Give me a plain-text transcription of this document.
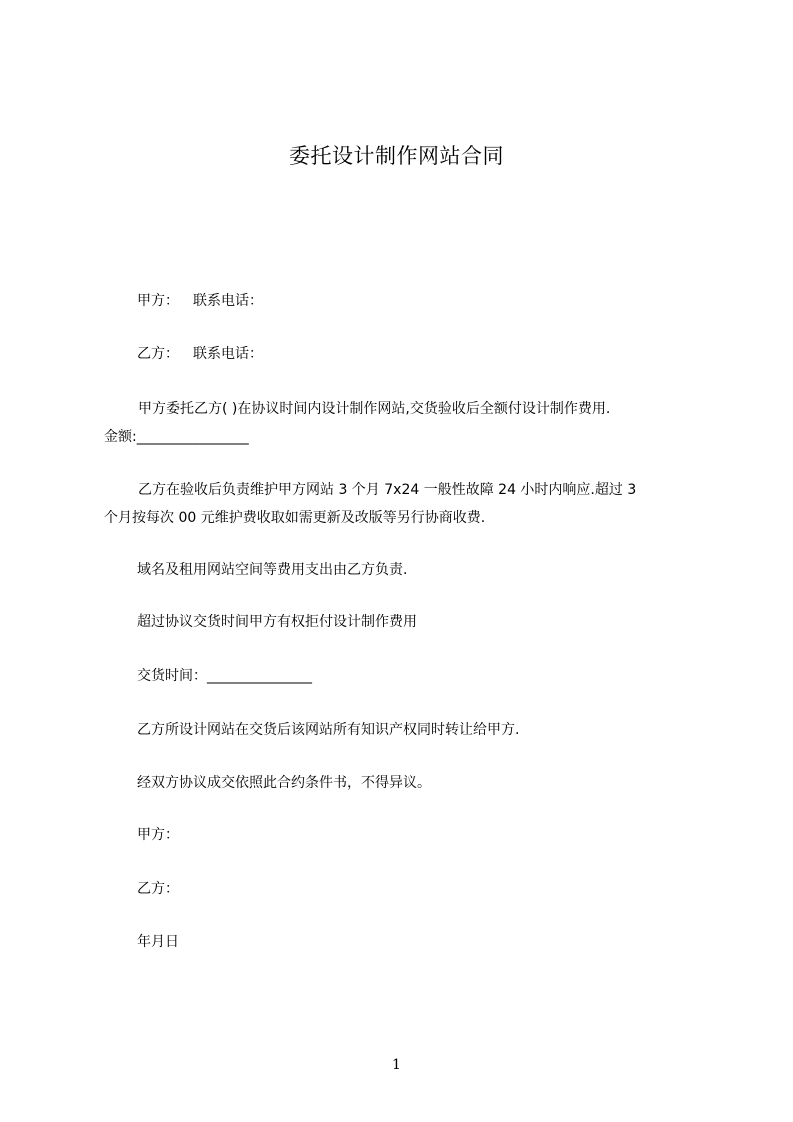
委托设计制作网站合同
甲方： 联系电话：
乙方： 联系电话：
甲方委托乙方( )在协议时间内设计制作网站,交货验收后全额付设计制作费用.
金额:________________
乙方在验收后负责维护甲方网站 3 个月 7x24 一般性故障 24 小时内响应.超过 3
个月按每次 00 元维护费收取如需更新及改版等另行协商收费.
域名及租用网站空间等费用支出由乙方负责.
超过协议交货时间甲方有权拒付设计制作费用
交货时间：_______________
乙方所设计网站在交货后该网站所有知识产权同时转让给甲方.
经双方协议成交依照此合约条件书，不得异议。
甲方：
乙方：
年月日
1
